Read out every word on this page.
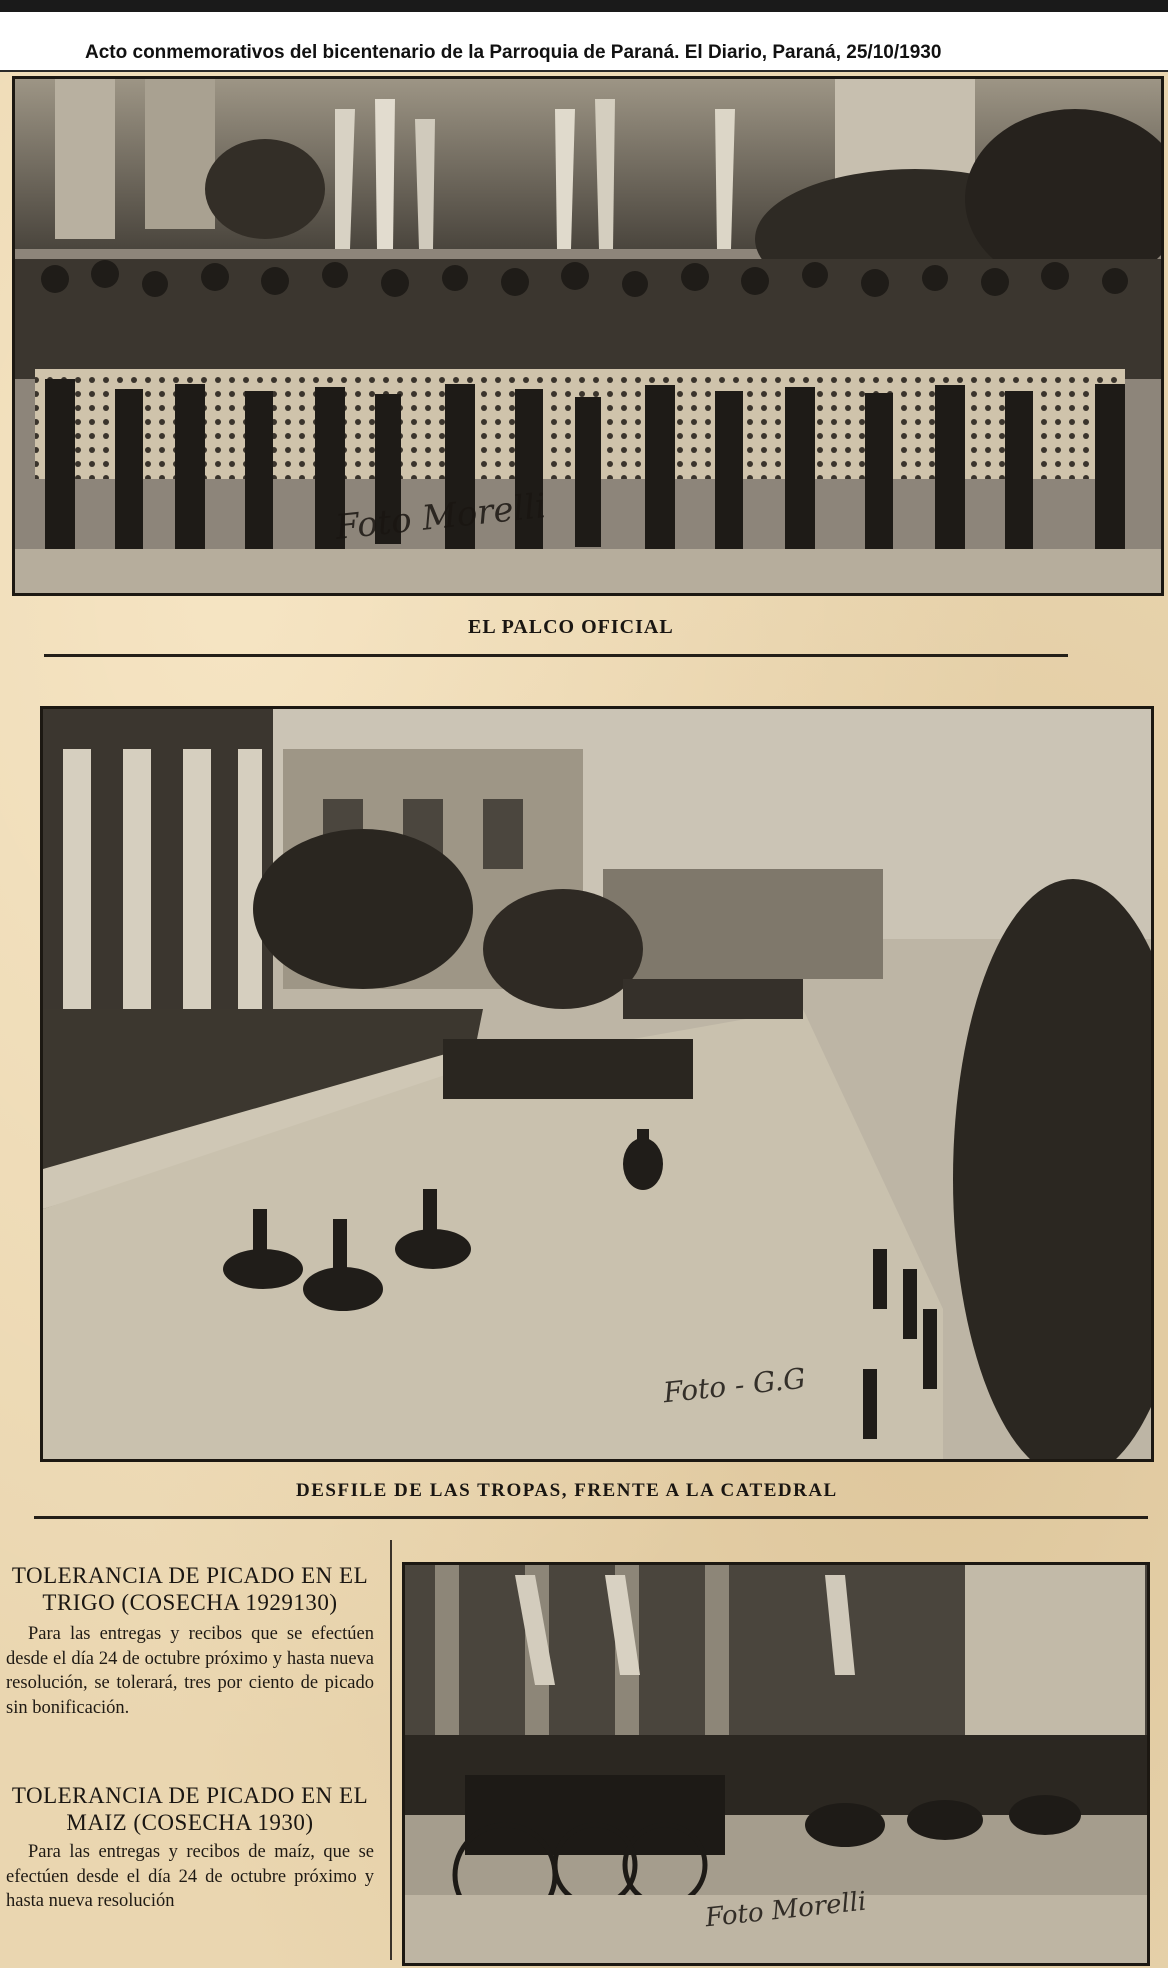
Acto conmemorativos del bicentenario de la Parroquia de Paraná. El Diario, Paraná, 25/10/1930
Foto Morelli
EL PALCO OFICIAL
Foto - G.G
DESFILE DE LAS TROPAS, FRENTE A LA CATEDRAL
TOLERANCIA DE PICADO EN EL TRIGO (COSECHA 1929130)
Para las entregas y recibos que se efectúen desde el día 24 de octubre próximo y hasta nueva resolución, se tolerará, tres por ciento de picado sin bonificación.
TOLERANCIA DE PICADO EN EL MAIZ (COSECHA 1930)
Para las entregas y recibos de maíz, que se efectúen desde el día 24 de octubre próximo y hasta nueva resolución	Foto Morelli
